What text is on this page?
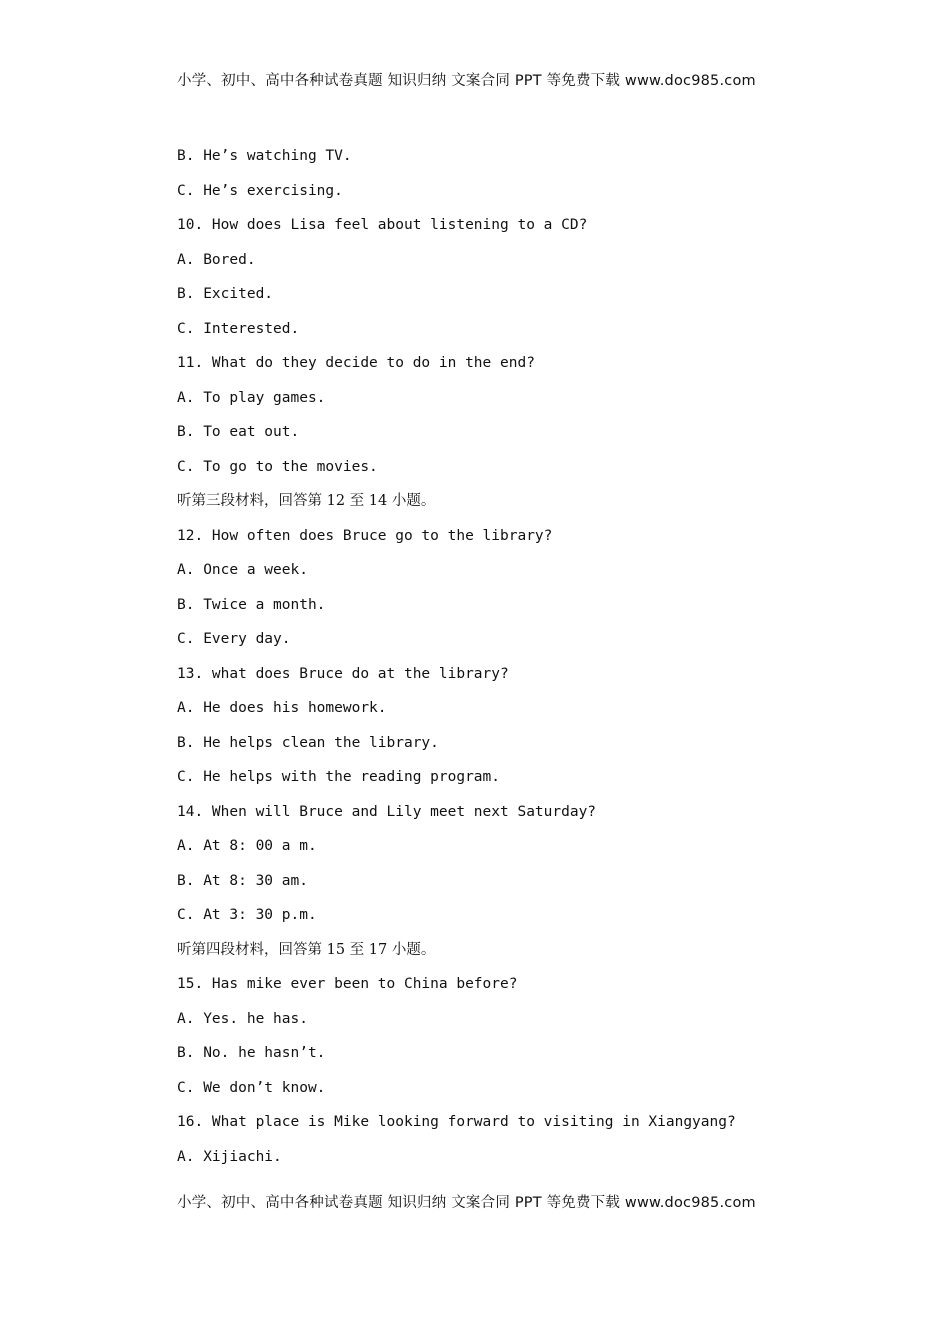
小学、初中、高中各种试卷真题 知识归纳 文案合同 PPT 等免费下载 www.doc985.com
B. He’s watching TV.
C. He’s exercising.
10. How does Lisa feel about listening to a CD?
A. Bored.
B. Excited.
C. Interested.
11. What do they decide to do in the end?
A. To play games.
B. To eat out.
C. To go to the movies.
听第三段材料，回答第 12 至 14 小题。
12. How often does Bruce go to the library?
A. Once a week.
B. Twice a month.
C. Every day.
13. what does Bruce do at the library?
A. He does his homework.
B. He helps clean the library.
C. He helps with the reading program.
14. When will Bruce and Lily meet next Saturday?
A. At 8: 00 a m.
B. At 8: 30 am.
C. At 3: 30 p.m.
听第四段材料，回答第 15 至 17 小题。
15. Has mike ever been to China before?
A. Yes. he has.
B. No. he hasn’t.
C. We don’t know.
16. What place is Mike looking forward to visiting in Xiangyang?
A. Xijiachi.
小学、初中、高中各种试卷真题 知识归纳 文案合同 PPT 等免费下载 www.doc985.com
